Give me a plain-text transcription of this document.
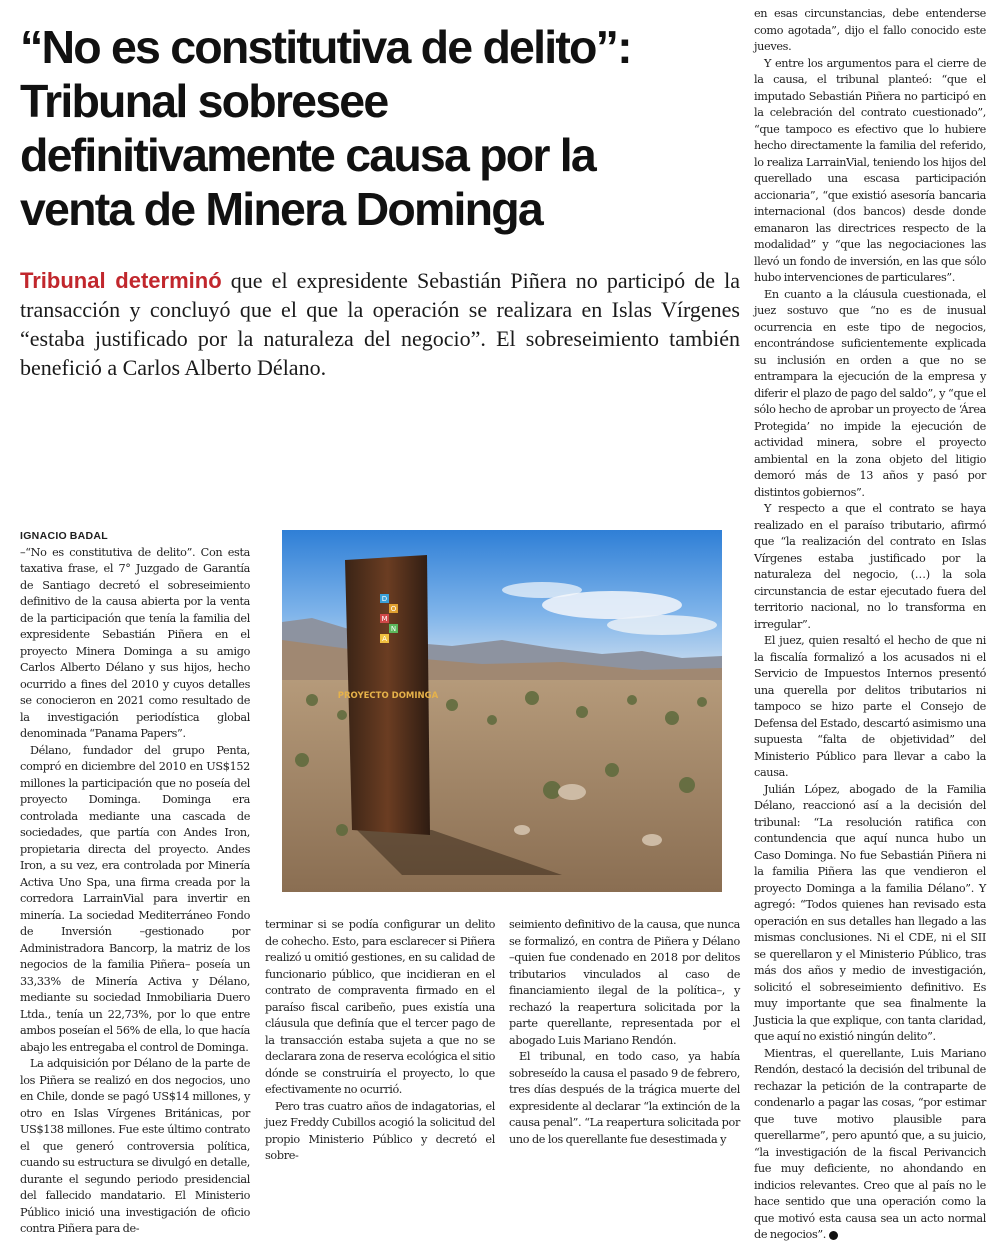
“No es constitutiva de delito”:
Tribunal sobresee
definitivamente causa por la
venta de Minera Dominga

Tribunal determinó que el expresidente Sebastián Piñera no participó de la transacción y concluyó que el que la operación se realizara en Islas Vírgenes “estaba justificado por la naturaleza del negocio”. El sobreseimiento también benefició a Carlos Alberto Délano.

IGNACIO BADAL

–“No es constitutiva de delito”. Con esta taxativa frase, el 7° Juzgado de Garantía de Santiago decretó el sobreseimiento definitivo de la causa abierta por la venta de la participación que tenía la familia del expresidente Sebastián Piñera en el proyecto Minera Dominga a su amigo Carlos Alberto Délano y sus hijos, hecho ocurrido a fines del 2010 y cuyos detalles se conocieron en 2021 como resultado de la investigación periodística global denominada “Panama Papers”.

Délano, fundador del grupo Penta, compró en diciembre del 2010 en US$152 millones la participación que no poseía del proyecto Dominga. Dominga era controlada mediante una cascada de sociedades, que partía con Andes Iron, propietaria directa del proyecto. Andes Iron, a su vez, era controlada por Minería Activa Uno Spa, una firma creada por la corredora LarrainVial para invertir en minería. La sociedad Mediterráneo Fondo de Inversión –gestionado por Administradora Bancorp, la matriz de los negocios de la familia Piñera– poseía un 33,33% de Minería Activa y Délano, mediante su sociedad Inmobiliaria Duero Ltda., tenía un 22,73%, por lo que entre ambos poseían el 56% de ella, lo que hacía abajo les entregaba el control de Dominga.

La adquisición por Délano de la parte de los Piñera se realizó en dos negocios, uno en Chile, donde se pagó US$14 millones, y otro en Islas Vírgenes Británicas, por US$138 millones. Fue este último contrato el que generó controversia política, cuando su estructura se divulgó en detalle, durante el segundo periodo presidencial del fallecido mandatario. El Ministerio Público inició una investigación de oficio contra Piñera para de-

D
O
M
N
A
PROYECTO DOMINGA

terminar si se podía configurar un delito de cohecho. Esto, para esclarecer si Piñera realizó u omitió gestiones, en su calidad de funcionario público, que incidieran en el contrato de compraventa firmado en el paraíso fiscal caribeño, pues existía una cláusula que definía que el tercer pago de la transacción estaba sujeta a que no se declarara zona de reserva ecológica el sitio dónde se construiría el proyecto, lo que efectivamente no ocurrió.

Pero tras cuatro años de indagatorias, el juez Freddy Cubillos acogió la solicitud del propio Ministerio Público y decretó el sobre-

seimiento definitivo de la causa, que nunca se formalizó, en contra de Piñera y Délano –quien fue condenado en 2018 por delitos tributarios vinculados al caso de financiamiento ilegal de la política–, y rechazó la reapertura solicitada por la parte querellante, representada por el abogado Luis Mariano Rendón.

El tribunal, en todo caso, ya había sobreseído la causa el pasado 9 de febrero, tres días después de la trágica muerte del expresidente al declarar “la extinción de la causa penal”. “La reapertura solicitada por uno de los querellante fue desestimada y

en esas circunstancias, debe entenderse como agotada”, dijo el fallo conocido este jueves.

Y entre los argumentos para el cierre de la causa, el tribunal planteó: “que el imputado Sebastián Piñera no participó en la celebración del contrato cuestionado”, “que tampoco es efectivo que lo hubiere hecho directamente la familia del referido, lo realiza LarrainVial, teniendo los hijos del querellado una escasa participación accionaria”, “que existió asesoría bancaria internacional (dos bancos) desde donde emanaron las directrices respecto de la modalidad” y “que las negociaciones las llevó un fondo de inversión, en las que sólo hubo intervenciones de particulares”.

En cuanto a la cláusula cuestionada, el juez sostuvo que “no es de inusual ocurrencia en este tipo de negocios, encontrándose suficientemente explicada su inclusión en orden a que no se entrampara la ejecución de la empresa y diferir el plazo de pago del saldo”, y “que el sólo hecho de aprobar un proyecto de ‘Área Protegida’ no impide la ejecución de actividad minera, sobre el proyecto ambiental en la zona objeto del litigio demoró más de 13 años y pasó por distintos gobiernos”.

Y respecto a que el contrato se haya realizado en el paraíso tributario, afirmó que “la realización del contrato en Islas Vírgenes estaba justificado por la naturaleza del negocio, (…) la sola circunstancia de estar ejecutado fuera del territorio nacional, no lo transforma en irregular”.

El juez, quien resaltó el hecho de que ni la fiscalía formalizó a los acusados ni el Servicio de Impuestos Internos presentó una querella por delitos tributarios ni tampoco se hizo parte el Consejo de Defensa del Estado, descartó asimismo una supuesta “falta de objetividad” del Ministerio Público para llevar a cabo la causa.

Julián López, abogado de la Familia Délano, reaccionó así a la decisión del tribunal: “La resolución ratifica con contundencia que aquí nunca hubo un Caso Dominga. No fue Sebastián Piñera ni la familia Piñera las que vendieron el proyecto Dominga a la familia Délano”. Y agregó: “Todos quienes han revisado esta operación en sus detalles han llegado a las mismas conclusiones. Ni el CDE, ni el SII se querellaron y el Ministerio Público, tras más dos años y medio de investigación, solicitó el sobreseimiento definitivo. Es muy importante que sea finalmente la Justicia la que explique, con tanta claridad, que aquí no existió ningún delito”.

Mientras, el querellante, Luis Mariano Rendón, destacó la decisión del tribunal de rechazar la petición de la contraparte de condenarlo a pagar las cosas, “por estimar que tuve motivo plausible para querellarme”, pero apuntó que, a su juicio, “la investigación de la fiscal Perivancich fue muy deficiente, no ahondando en indicios relevantes. Creo que al país no le hace sentido que una operación como la que motivó esta causa sea un acto normal de negocios”. ●
